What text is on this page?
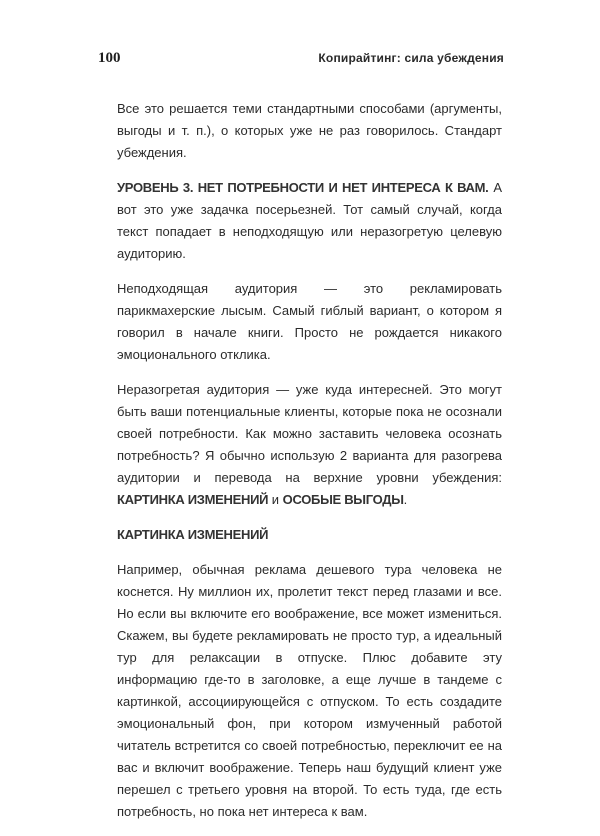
100	Копирайтинг: сила убеждения

Все это решается теми стандартными способами (аргументы, выгоды и т. п.), о которых уже не раз говорилось. Стандарт убеждения.

УРОВЕНЬ 3. НЕТ ПОТРЕБНОСТИ И НЕТ ИНТЕРЕСА К ВАМ. А вот это уже задачка посерьезней. Тот самый случай, когда текст попадает в неподходящую или неразогретую целевую аудиторию.

Неподходящая аудитория — это рекламировать парикмахерские лысым. Самый гиблый вариант, о котором я говорил в начале книги. Просто не рождается никакого эмоционального отклика.

Неразогретая аудитория — уже куда интересней. Это могут быть ваши потенциальные клиенты, которые пока не осознали своей потребности. Как можно заставить человека осознать потребность? Я обычно использую 2 варианта для разогрева аудитории и перевода на верхние уровни убеждения: КАРТИНКА ИЗМЕНЕНИЙ и ОСОБЫЕ ВЫГОДЫ.

КАРТИНКА ИЗМЕНЕНИЙ

Например, обычная реклама дешевого тура человека не коснется. Ну миллион их, пролетит текст перед глазами и все. Но если вы включите его воображение, все может измениться. Скажем, вы будете рекламировать не просто тур, а идеальный тур для релаксации в отпуске. Плюс добавите эту информацию где-то в заголовке, а еще лучше в тандеме с картинкой, ассоциирующейся с отпуском. То есть создадите эмоциональный фон, при котором измученный работой читатель встретится со своей потребностью, переключит ее на вас и включит воображение. Теперь наш будущий клиент уже перешел с третьего уровня на второй. То есть туда, где есть потребность, но пока нет интереса к вам.
